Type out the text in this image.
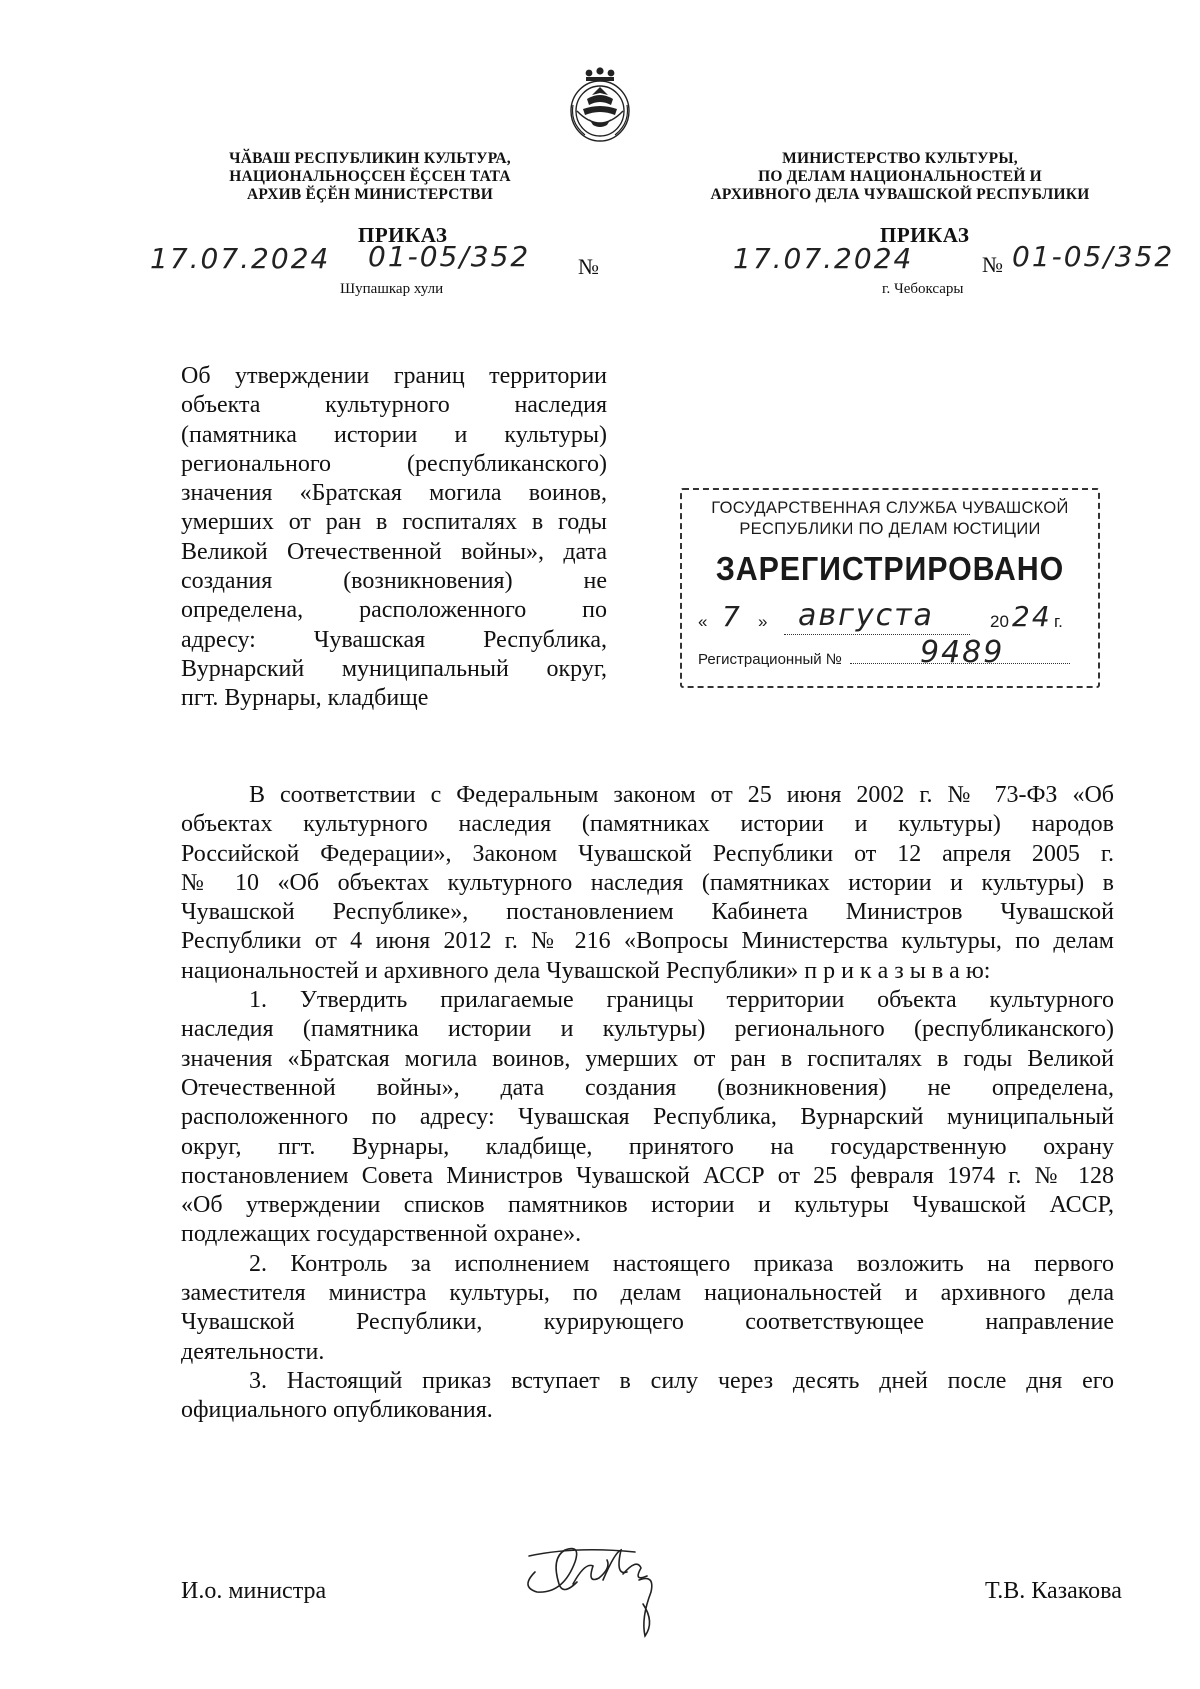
ЧӐВАШ РЕСПУБЛИКИН КУЛЬТУРА,
НАЦИОНАЛЬНОҪСЕН ӖҪСЕН ТАТА
АРХИВ ӖҪӖН МИНИСТЕРСТВИ
МИНИСТЕРСТВО КУЛЬТУРЫ,
ПО ДЕЛАМ НАЦИОНАЛЬНОСТЕЙ И
АРХИВНОГО ДЕЛА ЧУВАШСКОЙ РЕСПУБЛИКИ
ПРИКАЗ	ПРИКАЗ
17.07.2024 01-05/352 №
Шупашкар хули
17.07.2024	№ 01-05/352
г. Чебоксары
Об утверждении границ территории
объекта	культурного	наследия
(памятника истории и культуры)
регионального	(республиканского)
значения «Братская могила воинов,
умерших от ран в госпиталях в годы
Великой Отечественной войны», дата
создания	(возникновения)	не
определена, расположенного по
адресу: Чувашская Республика,
Вурнарский муниципальный округ,
пгт. Вурнары, кладбище
ГОСУДАРСТВЕННАЯ СЛУЖБА ЧУВАШСКОЙ
РЕСПУБЛИКИ ПО ДЕЛАМ ЮСТИЦИИ
ЗАРЕГИСТРИРОВАНО
« 7 » августа	20 24 г.
Регистрационный №	9489
В соответствии с Федеральным законом от 25 июня 2002 г. № 73-ФЗ «Об
объектах культурного наследия (памятниках истории и культуры) народов
Российской Федерации», Законом Чувашской Республики от 12 апреля 2005 г.
№ 10 «Об объектах культурного наследия (памятниках истории и культуры) в
Чувашской Республике», постановлением Кабинета Министров Чувашской
Республики от 4 июня 2012 г. № 216 «Вопросы Министерства культуры, по делам
национальностей и архивного дела Чувашской Республики» п р и к а з ы в а ю:
1. Утвердить прилагаемые границы территории объекта культурного
наследия (памятника истории и культуры) регионального (республиканского)
значения «Братская могила воинов, умерших от ран в госпиталях в годы Великой
Отечественной войны», дата создания (возникновения) не определена,
расположенного по адресу: Чувашская Республика, Вурнарский муниципальный
округ, пгт. Вурнары, кладбище, принятого на государственную охрану
постановлением Совета Министров Чувашской АССР от 25 февраля 1974 г. № 128
«Об утверждении списков памятников истории и культуры Чувашской АССР,
подлежащих государственной охране».
2. Контроль за исполнением настоящего приказа возложить на первого
заместителя министра культуры, по делам национальностей и архивного дела
Чувашской Республики, курирующего соответствующее направление
деятельности.
3. Настоящий приказ вступает в силу через десять дней после дня его
официального опубликования.
И.о. министра	Т.В. Казакова
